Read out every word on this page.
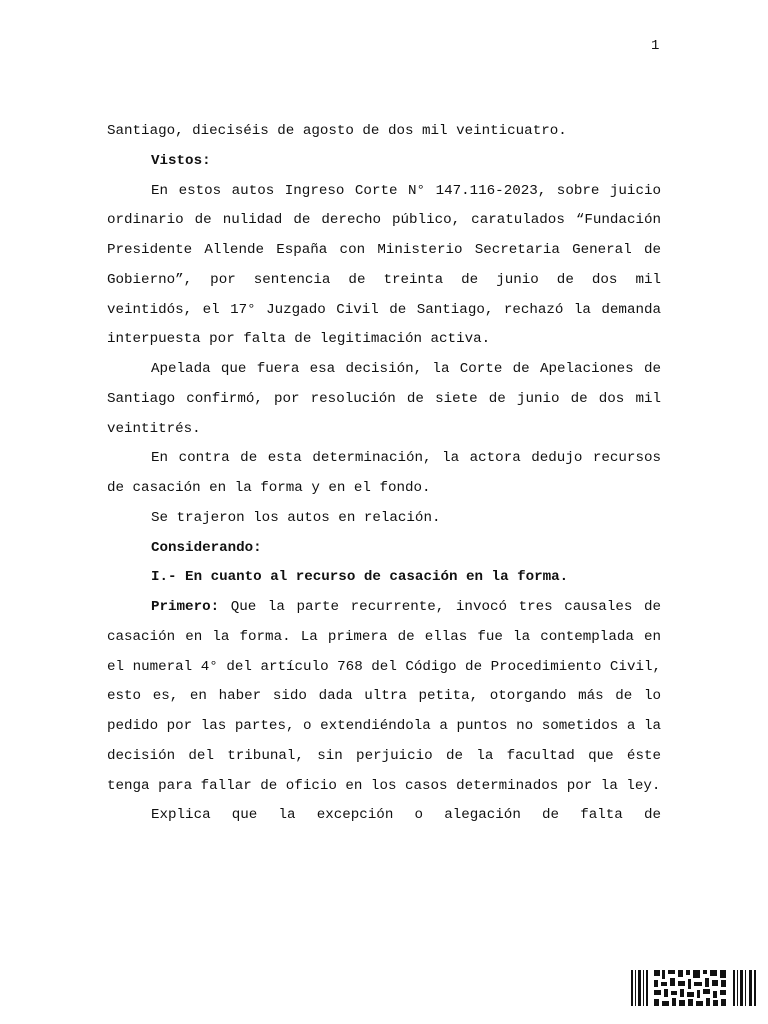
1

Santiago, dieciséis de agosto de dos mil veinticuatro.

Vistos:

En estos autos Ingreso Corte N° 147.116-2023, sobre juicio ordinario de nulidad de derecho público, caratulados “Fundación Presidente Allende España con Ministerio Secretaria General de Gobierno”, por sentencia de treinta de junio de dos mil veintidós, el 17° Juzgado Civil de Santiago, rechazó la demanda interpuesta por falta de legitimación activa.

Apelada que fuera esa decisión, la Corte de Apelaciones de Santiago confirmó, por resolución de siete de junio de dos mil veintitrés.

En contra de esta determinación, la actora dedujo recursos de casación en la forma y en el fondo.

Se trajeron los autos en relación.

Considerando:

I.- En cuanto al recurso de casación en la forma.

Primero: Que la parte recurrente, invocó tres causales de casación en la forma. La primera de ellas fue la contemplada en el numeral 4° del artículo 768 del Código de Procedimiento Civil, esto es, en haber sido dada ultra petita, otorgando más de lo pedido por las partes, o extendiéndola a puntos no sometidos a la decisión del tribunal, sin perjuicio de la facultad que éste tenga para fallar de oficio en los casos determinados por la ley.

Explica que la excepción o alegación de falta de
